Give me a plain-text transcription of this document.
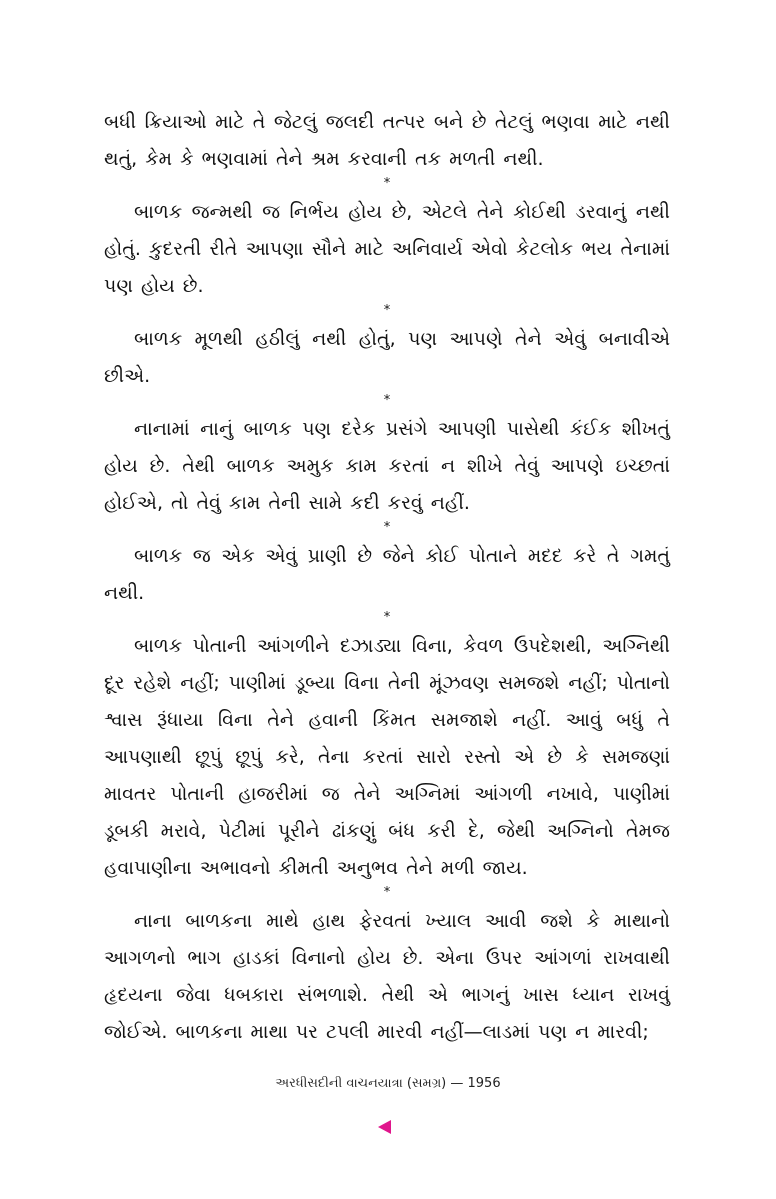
બધી ક્રિયાઓ માટે તે જેટલું જલદી તત્પર બને છે તેટલું ભણવા માટે નથી થતું, કેમ કે ભણવામાં તેને શ્રમ કરવાની તક મળતી નથી.

*

બાળક જન્મથી જ નિર્ભય હોય છે, એટલે તેને કોઈથી ડરવાનું નથી હોતું. કુદરતી રીતે આપણા સૌને માટે અનિવાર્ય એવો કેટલોક ભય તેનામાં પણ હોય છે.

*

બાળક મૂળથી હઠીલું નથી હોતું, પણ આપણે તેને એવું બનાવીએ છીએ.

*

નાનામાં નાનું બાળક પણ દરેક પ્રસંગે આપણી પાસેથી કંઈક શીખતું હોય છે. તેથી બાળક અમુક કામ કરતાં ન શીખે તેવું આપણે ઇચ્છતાં હોઈએ, તો તેવું કામ તેની સામે કદી કરવું નહીં.

*

બાળક જ એક એવું પ્રાણી છે જેને કોઈ પોતાને મદદ કરે તે ગમતું નથી.

*

બાળક પોતાની આંગળીને દઝાડ્યા વિના, કેવળ ઉપદેશથી, અગ્નિથી દૂર રહેશે નહીં; પાણીમાં ડૂબ્યા વિના તેની મૂંઝવણ સમજશે નહીં; પોતાનો શ્વાસ રૂંધાયા વિના તેને હવાની કિંમત સમજાશે નહીં. આવું બધું તે આપણાથી છૂપું છૂપું કરે, તેના કરતાં સારો રસ્તો એ છે કે સમજણાં માવતર પોતાની હાજરીમાં જ તેને અગ્નિમાં આંગળી નખાવે, પાણીમાં ડૂબકી મરાવે, પેટીમાં પૂરીને ઢાંકણું બંધ કરી દે, જેથી અગ્નિનો તેમજ હવાપાણીના અભાવનો કીમતી અનુભવ તેને મળી જાય.

*

નાના બાળકના માથે હાથ ફેરવતાં ખ્યાલ આવી જશે કે માથાનો આગળનો ભાગ હાડકાં વિનાનો હોય છે. એના ઉપર આંગળાં રાખવાથી હૃદયના જેવા ધબકારા સંભળાશે. તેથી એ ભાગનું ખાસ ધ્યાન રાખવું જોઈએ. બાળકના માથા પર ટપલી મારવી નહીં—લાડમાં પણ ન મારવી;

અરધીસદીની વાચનયાત્રા (સમગ્ર) — 1956
